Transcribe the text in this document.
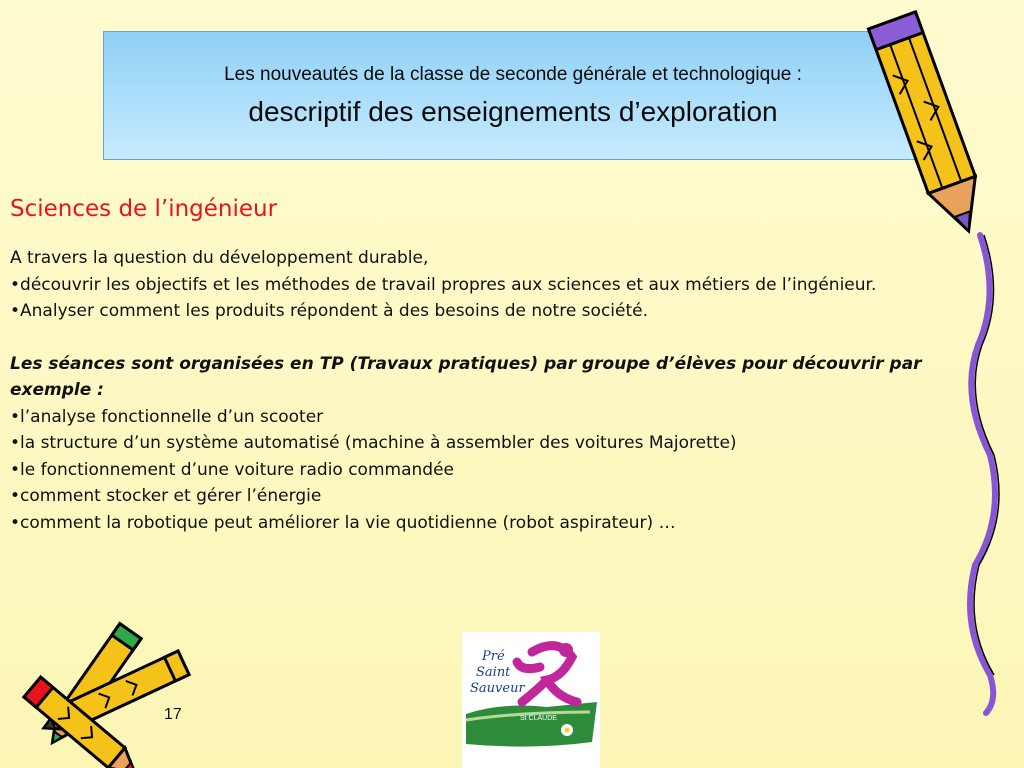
Les nouveautés de la classe de seconde générale et technologique :
descriptif des enseignements d’exploration
Sciences de l’ingénieur

A travers la question du développement durable,

•découvrir les objectifs et les méthodes de travail propres aux sciences et aux métiers de l’ingénieur.

•Analyser comment les produits répondent à des besoins de notre société.

Les séances sont organisées en TP (Travaux pratiques) par groupe d’élèves pour découvrir par exemple :

•l’analyse fonctionnelle d’un scooter

•la structure d’un système automatisé (machine à assembler des voitures Majorette)

•le fonctionnement d’une voiture radio commandée

•comment stocker et gérer l’énergie

•comment la robotique peut améliorer la vie quotidienne (robot aspirateur) …

17
Pré
Saint
Sauveur
St CLAUDE
